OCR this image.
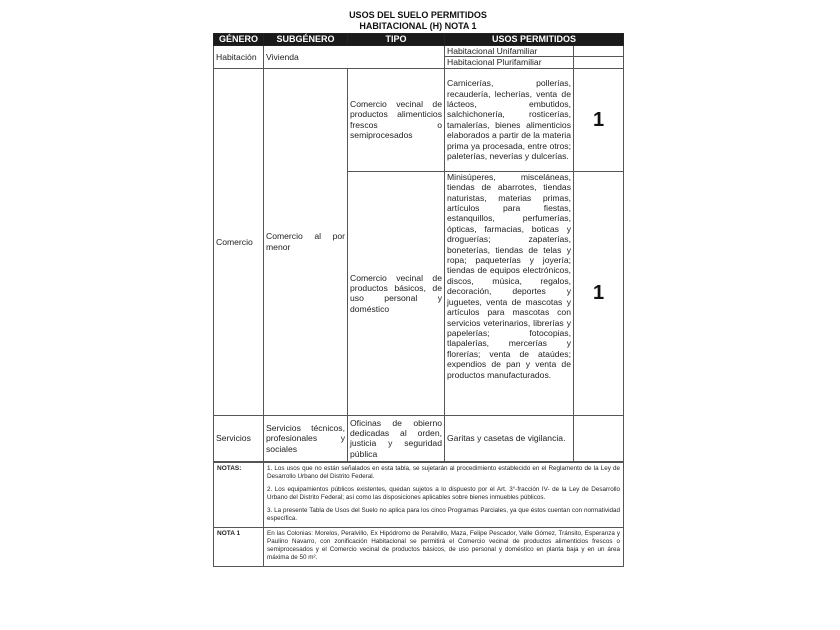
USOS DEL SUELO PERMITIDOS
HABITACIONAL (H) NOTA 1
GÉNERO	SUBGÉNERO	TIPO	USOS PERMITIDOS	
Habitación	Vivienda		Habitacional Unifamiliar	
			Habitacional Plurifamiliar	
Comercio	Comercio al por menor	Comercio vecinal de productos alimenticios frescos o semiprocesados	Carnicerías, pollerías, recaudería, lecherías, venta de lácteos, embutidos, salchichonería, rosticerías, tamalerías, bienes alimenticios elaborados a partir de la materia prima ya procesada, entre otros; paleterías, neverías y dulcerías.	1
		Comercio vecinal de productos básicos, de uso personal y doméstico	Minisúperes, misceláneas, tiendas de abarrotes, tiendas naturistas, materias primas, artículos para fiestas, estanquillos, perfumerías, ópticas, farmacias, boticas y droguerías; zapaterías, boneterías, tiendas de telas y ropa; paqueterías y joyería; tiendas de equipos electrónicos, discos, música, regalos, decoración, deportes y juguetes, venta de mascotas y artículos para mascotas con servicios veterinarios, librerías y papelerías; fotocopias, tlapalerías, mercerías y florerías; venta de ataúdes; expendios de pan y venta de productos manufacturados.	1
Servicios	Servicios técnicos, profesionales y sociales	Oficinas de obierno dedicadas al orden, justicia y seguridad pública	Garitas y casetas de vigilancia.	
NOTAS:	1. Los usos que no están señalados en esta tabla, se sujetarán al procedimiento establecido en el Reglamento de la Ley de Desarrollo Urbano del Distrito Federal.

2. Los equipamientos públicos existentes, quedan sujetos a lo dispuesto por el Art. 3°-fracción IV- de la Ley de Desarrollo Urbano del Distrito Federal; así como las disposiciones aplicables sobre bienes inmuebles públicos.

3. La presente Tabla de Usos del Suelo no aplica para los cinco Programas Parciales, ya que éstos cuentan con normatividad específica.

NOTA 1	En las Colonias: Morelos, Peralvillo, Ex Hipódromo de Peralvillo, Maza, Felipe Pescador, Valle Gómez, Tránsito, Esperanza y Paulino Navarro, con zonificación Habitacional se permitirá el Comercio vecinal de productos alimenticios frescos o semiprocesados y el Comercio vecinal de productos básicos, de uso personal y doméstico en planta baja y en un área máxima de 50 m².
